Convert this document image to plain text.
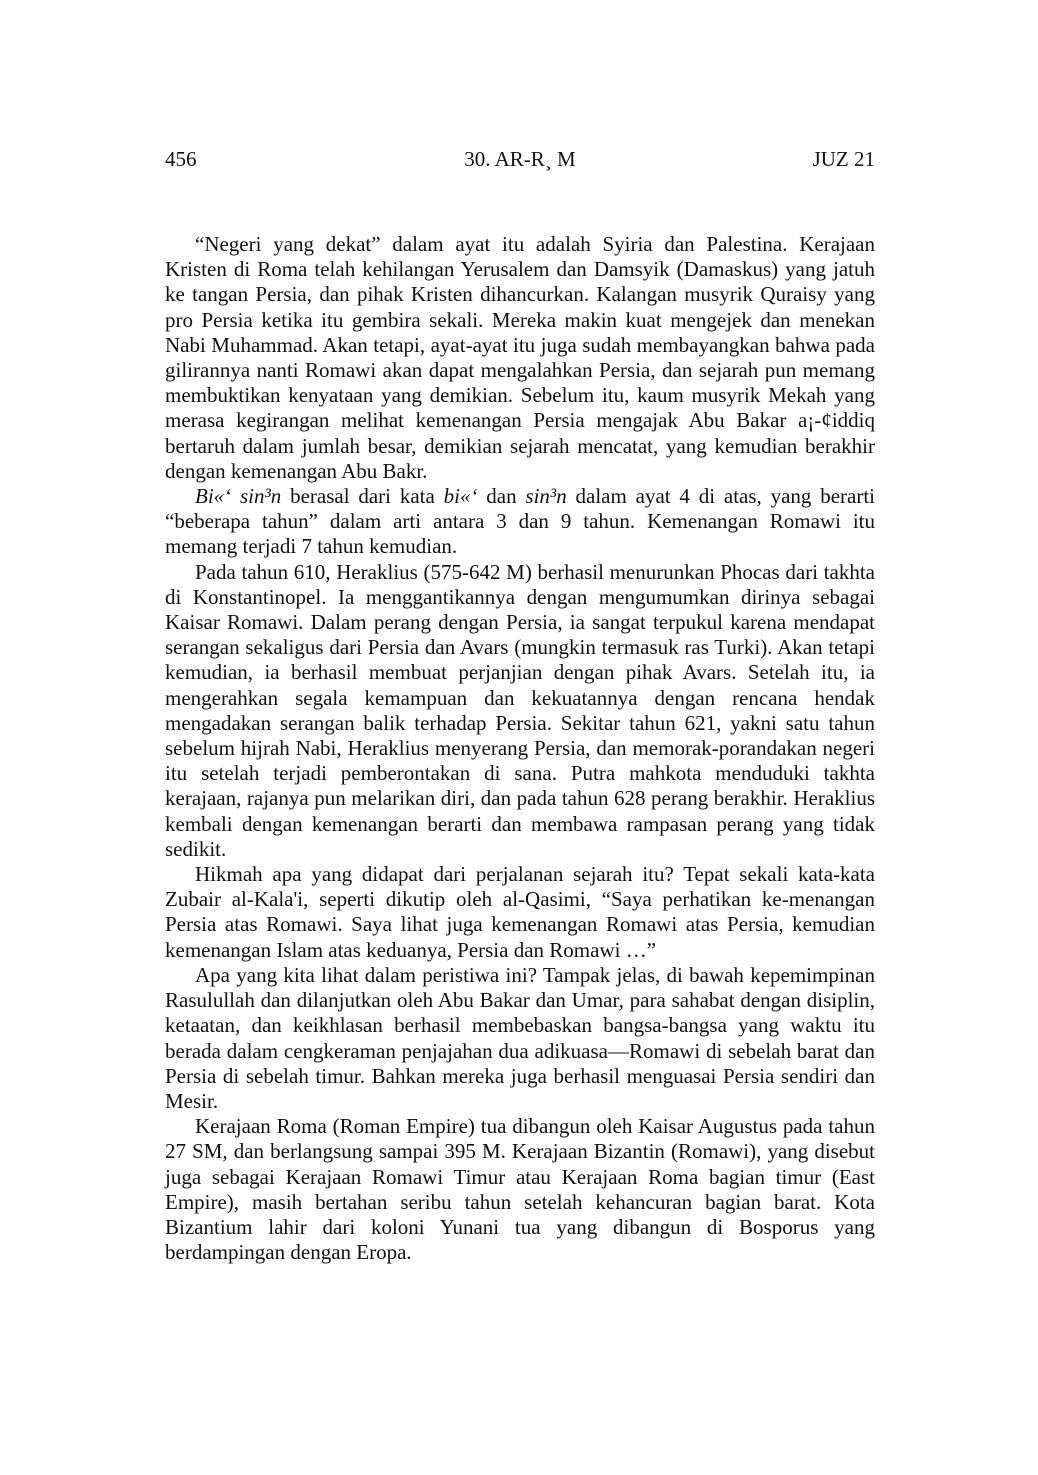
456	30. AR-R¸ M	JUZ 21

“Negeri yang dekat” dalam ayat itu adalah Syiria dan Palestina. Kerajaan Kristen di Roma telah kehilangan Yerusalem dan Damsyik (Damaskus) yang jatuh ke tangan Persia, dan pihak Kristen dihancurkan. Kalangan musyrik Quraisy yang pro Persia ketika itu gembira sekali. Mereka makin kuat mengejek dan menekan Nabi Muhammad. Akan tetapi, ayat-ayat itu juga sudah membayangkan bahwa pada gilirannya nanti Romawi akan dapat mengalahkan Persia, dan sejarah pun memang membuktikan kenyataan yang demikian. Sebelum itu, kaum musyrik Mekah yang merasa kegirangan melihat kemenangan Persia mengajak Abu Bakar a¡-¢iddiq bertaruh dalam jumlah besar, demikian sejarah mencatat, yang kemudian berakhir dengan kemenangan Abu Bakr.

Bi«‘ sin³n berasal dari kata bi«‘ dan sin³n dalam ayat 4 di atas, yang berarti “beberapa tahun” dalam arti antara 3 dan 9 tahun. Kemenangan Romawi itu memang terjadi 7 tahun kemudian.

Pada tahun 610, Heraklius (575-642 M) berhasil menurunkan Phocas dari takhta di Konstantinopel. Ia menggantikannya dengan mengumumkan dirinya sebagai Kaisar Romawi. Dalam perang dengan Persia, ia sangat terpukul karena mendapat serangan sekaligus dari Persia dan Avars (mungkin termasuk ras Turki). Akan tetapi kemudian, ia berhasil membuat perjanjian dengan pihak Avars. Setelah itu, ia mengerahkan segala kemampuan dan kekuatannya dengan rencana hendak mengadakan serangan balik terhadap Persia. Sekitar tahun 621, yakni satu tahun sebelum hijrah Nabi, Heraklius menyerang Persia, dan memorak-porandakan negeri itu setelah terjadi pemberontakan di sana. Putra mahkota menduduki takhta kerajaan, rajanya pun melarikan diri, dan pada tahun 628 perang berakhir. Heraklius kembali dengan kemenangan berarti dan membawa rampasan perang yang tidak sedikit.

Hikmah apa yang didapat dari perjalanan sejarah itu? Tepat sekali kata-kata Zubair al-Kala'i, seperti dikutip oleh al-Qasimi, “Saya perhatikan ke-menangan Persia atas Romawi. Saya lihat juga kemenangan Romawi atas Persia, kemudian kemenangan Islam atas keduanya, Persia dan Romawi …”

Apa yang kita lihat dalam peristiwa ini? Tampak jelas, di bawah kepemimpinan Rasulullah dan dilanjutkan oleh Abu Bakar dan Umar, para sahabat dengan disiplin, ketaatan, dan keikhlasan berhasil membebaskan bangsa-bangsa yang waktu itu berada dalam cengkeraman penjajahan dua adikuasa—Romawi di sebelah barat dan Persia di sebelah timur. Bahkan mereka juga berhasil menguasai Persia sendiri dan Mesir.

Kerajaan Roma (Roman Empire) tua dibangun oleh Kaisar Augustus pada tahun 27 SM, dan berlangsung sampai 395 M. Kerajaan Bizantin (Romawi), yang disebut juga sebagai Kerajaan Romawi Timur atau Kerajaan Roma bagian timur (East Empire), masih bertahan seribu tahun setelah kehancuran bagian barat. Kota Bizantium lahir dari koloni Yunani tua yang dibangun di Bosporus yang berdampingan dengan Eropa.
